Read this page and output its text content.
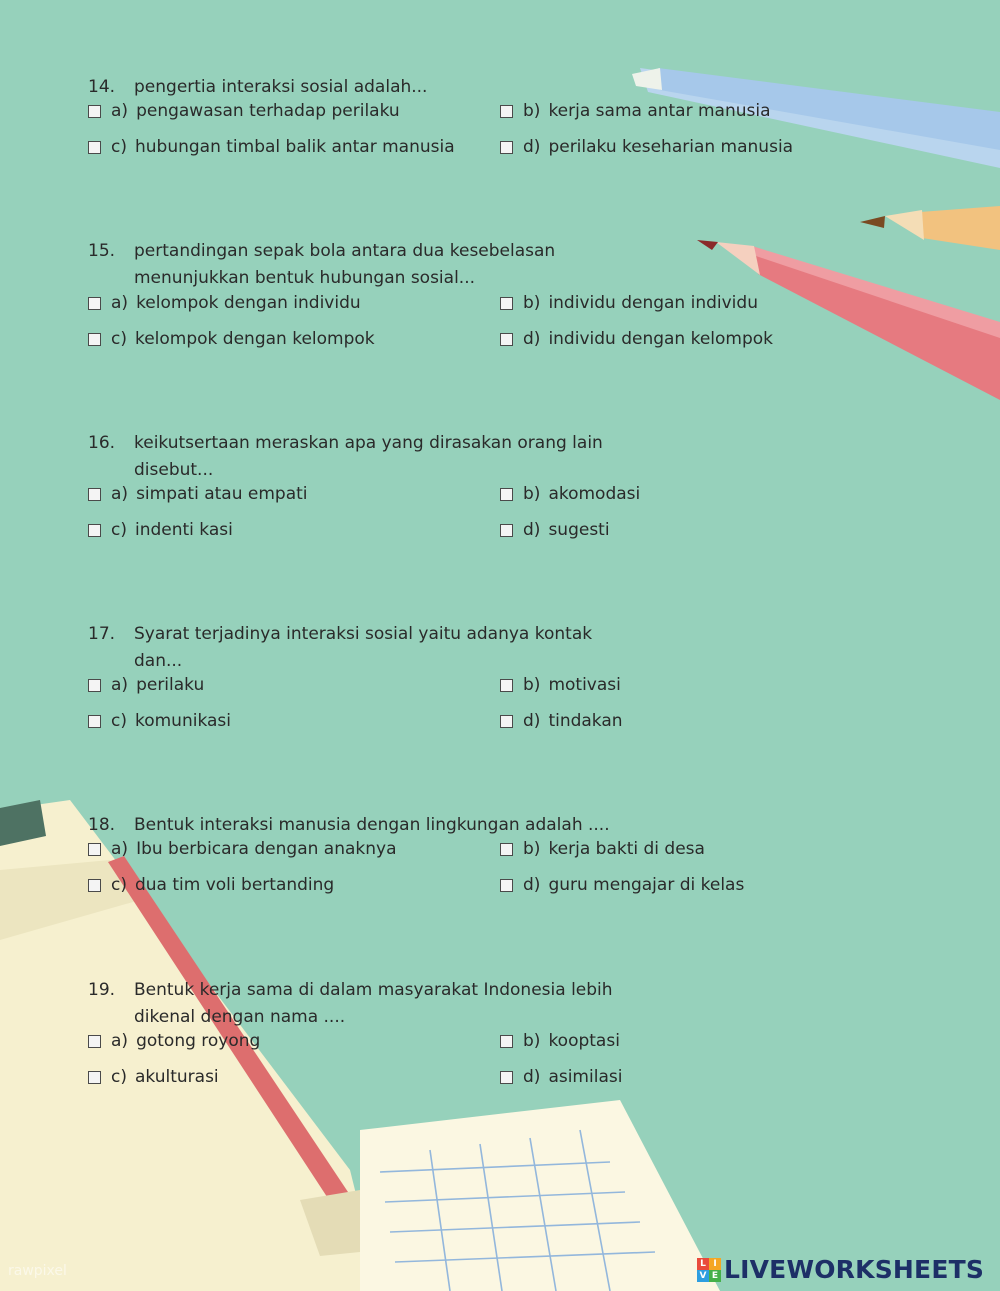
14. pengertia interaksi sosial adalah...
a) pengawasan terhadap perilaku	b) kerja sama antar manusia
c) hubungan timbal balik antar manusia	d) perilaku keseharian manusia
15. pertandingan sepak bola antara dua kesebelasan
menunjukkan bentuk hubungan sosial...
a) kelompok dengan individu	b) individu dengan individu
c) kelompok dengan kelompok	d) individu dengan kelompok
16. keikutsertaan meraskan apa yang dirasakan orang lain
disebut...
a) simpati atau empati	b) akomodasi
c) indenti kasi	d) sugesti
17. Syarat terjadinya interaksi sosial yaitu adanya kontak
dan...
a) perilaku	b) motivasi
c) komunikasi	d) tindakan
18. Bentuk interaksi manusia dengan lingkungan adalah ....
a) Ibu berbicara dengan anaknya	b) kerja bakti di desa
c) dua tim voli bertanding	d) guru mengajar di kelas
19. Bentuk kerja sama di dalam masyarakat Indonesia lebih
dikenal dengan nama ....
a) gotong royong	b) kooptasi
c) akulturasi	d) asimilasi
L I
V E LIVEWORKSHEETS
rawpixel
